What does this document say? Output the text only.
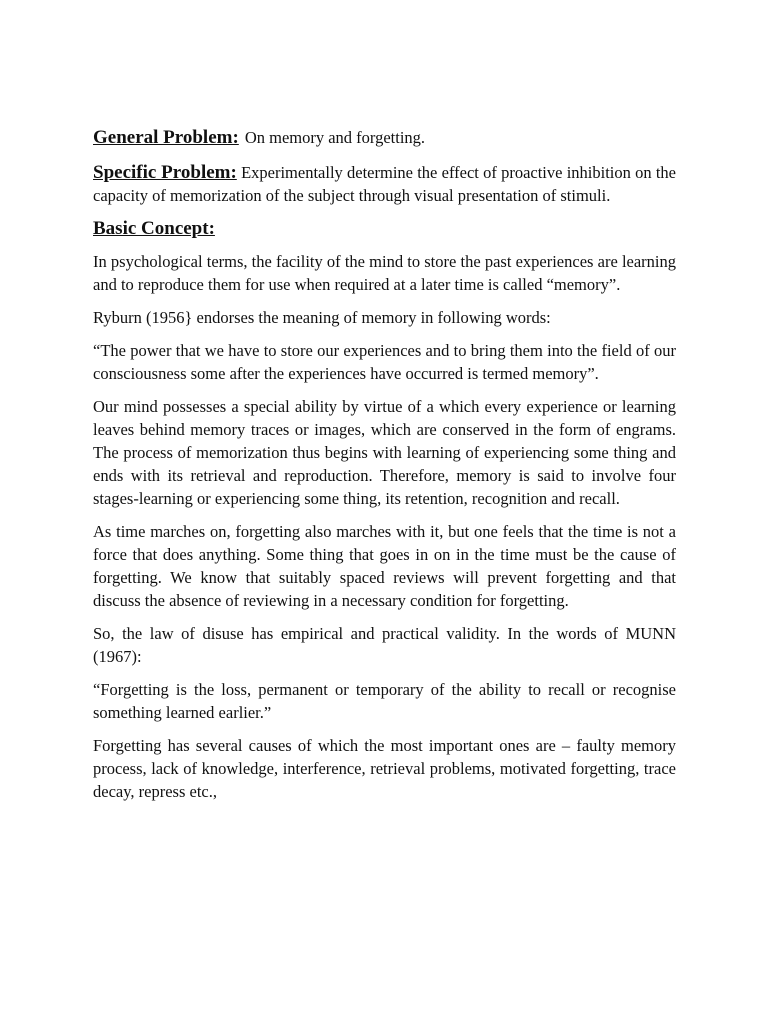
General Problem: On memory and forgetting.

Specific Problem: Experimentally determine the effect of proactive inhibition on the capacity of memorization of the subject through visual presentation of stimuli.

Basic Concept:

In psychological terms, the facility of the mind to store the past experiences are learning and to reproduce them for use when required at a later time is called “memory”.

Ryburn (1956} endorses the meaning of memory in following words:

“The power that we have to store our experiences and to bring them into the field of our consciousness some after the experiences have occurred is termed memory”.

Our mind possesses a special ability by virtue of a which every experience or learning leaves behind memory traces or images, which are conserved in the form of engrams. The process of memorization thus begins with learning of experiencing some thing and ends with its retrieval and reproduction. Therefore, memory is said to involve four stages-learning or experiencing some thing, its retention, recognition and recall.

As time marches on, forgetting also marches with it, but one feels that the time is not a force that does anything. Some thing that goes in on in the time must be the cause of forgetting. We know that suitably spaced reviews will prevent forgetting and that discuss the absence of reviewing in a necessary condition for forgetting.

So, the law of disuse has empirical and practical validity. In the words of MUNN (1967):

“Forgetting is the loss, permanent or temporary of the ability to recall or recognise something learned earlier.”

Forgetting has several causes of which the most important ones are – faulty memory process, lack of knowledge, interference, retrieval problems, motivated forgetting, trace decay, repress etc.,
